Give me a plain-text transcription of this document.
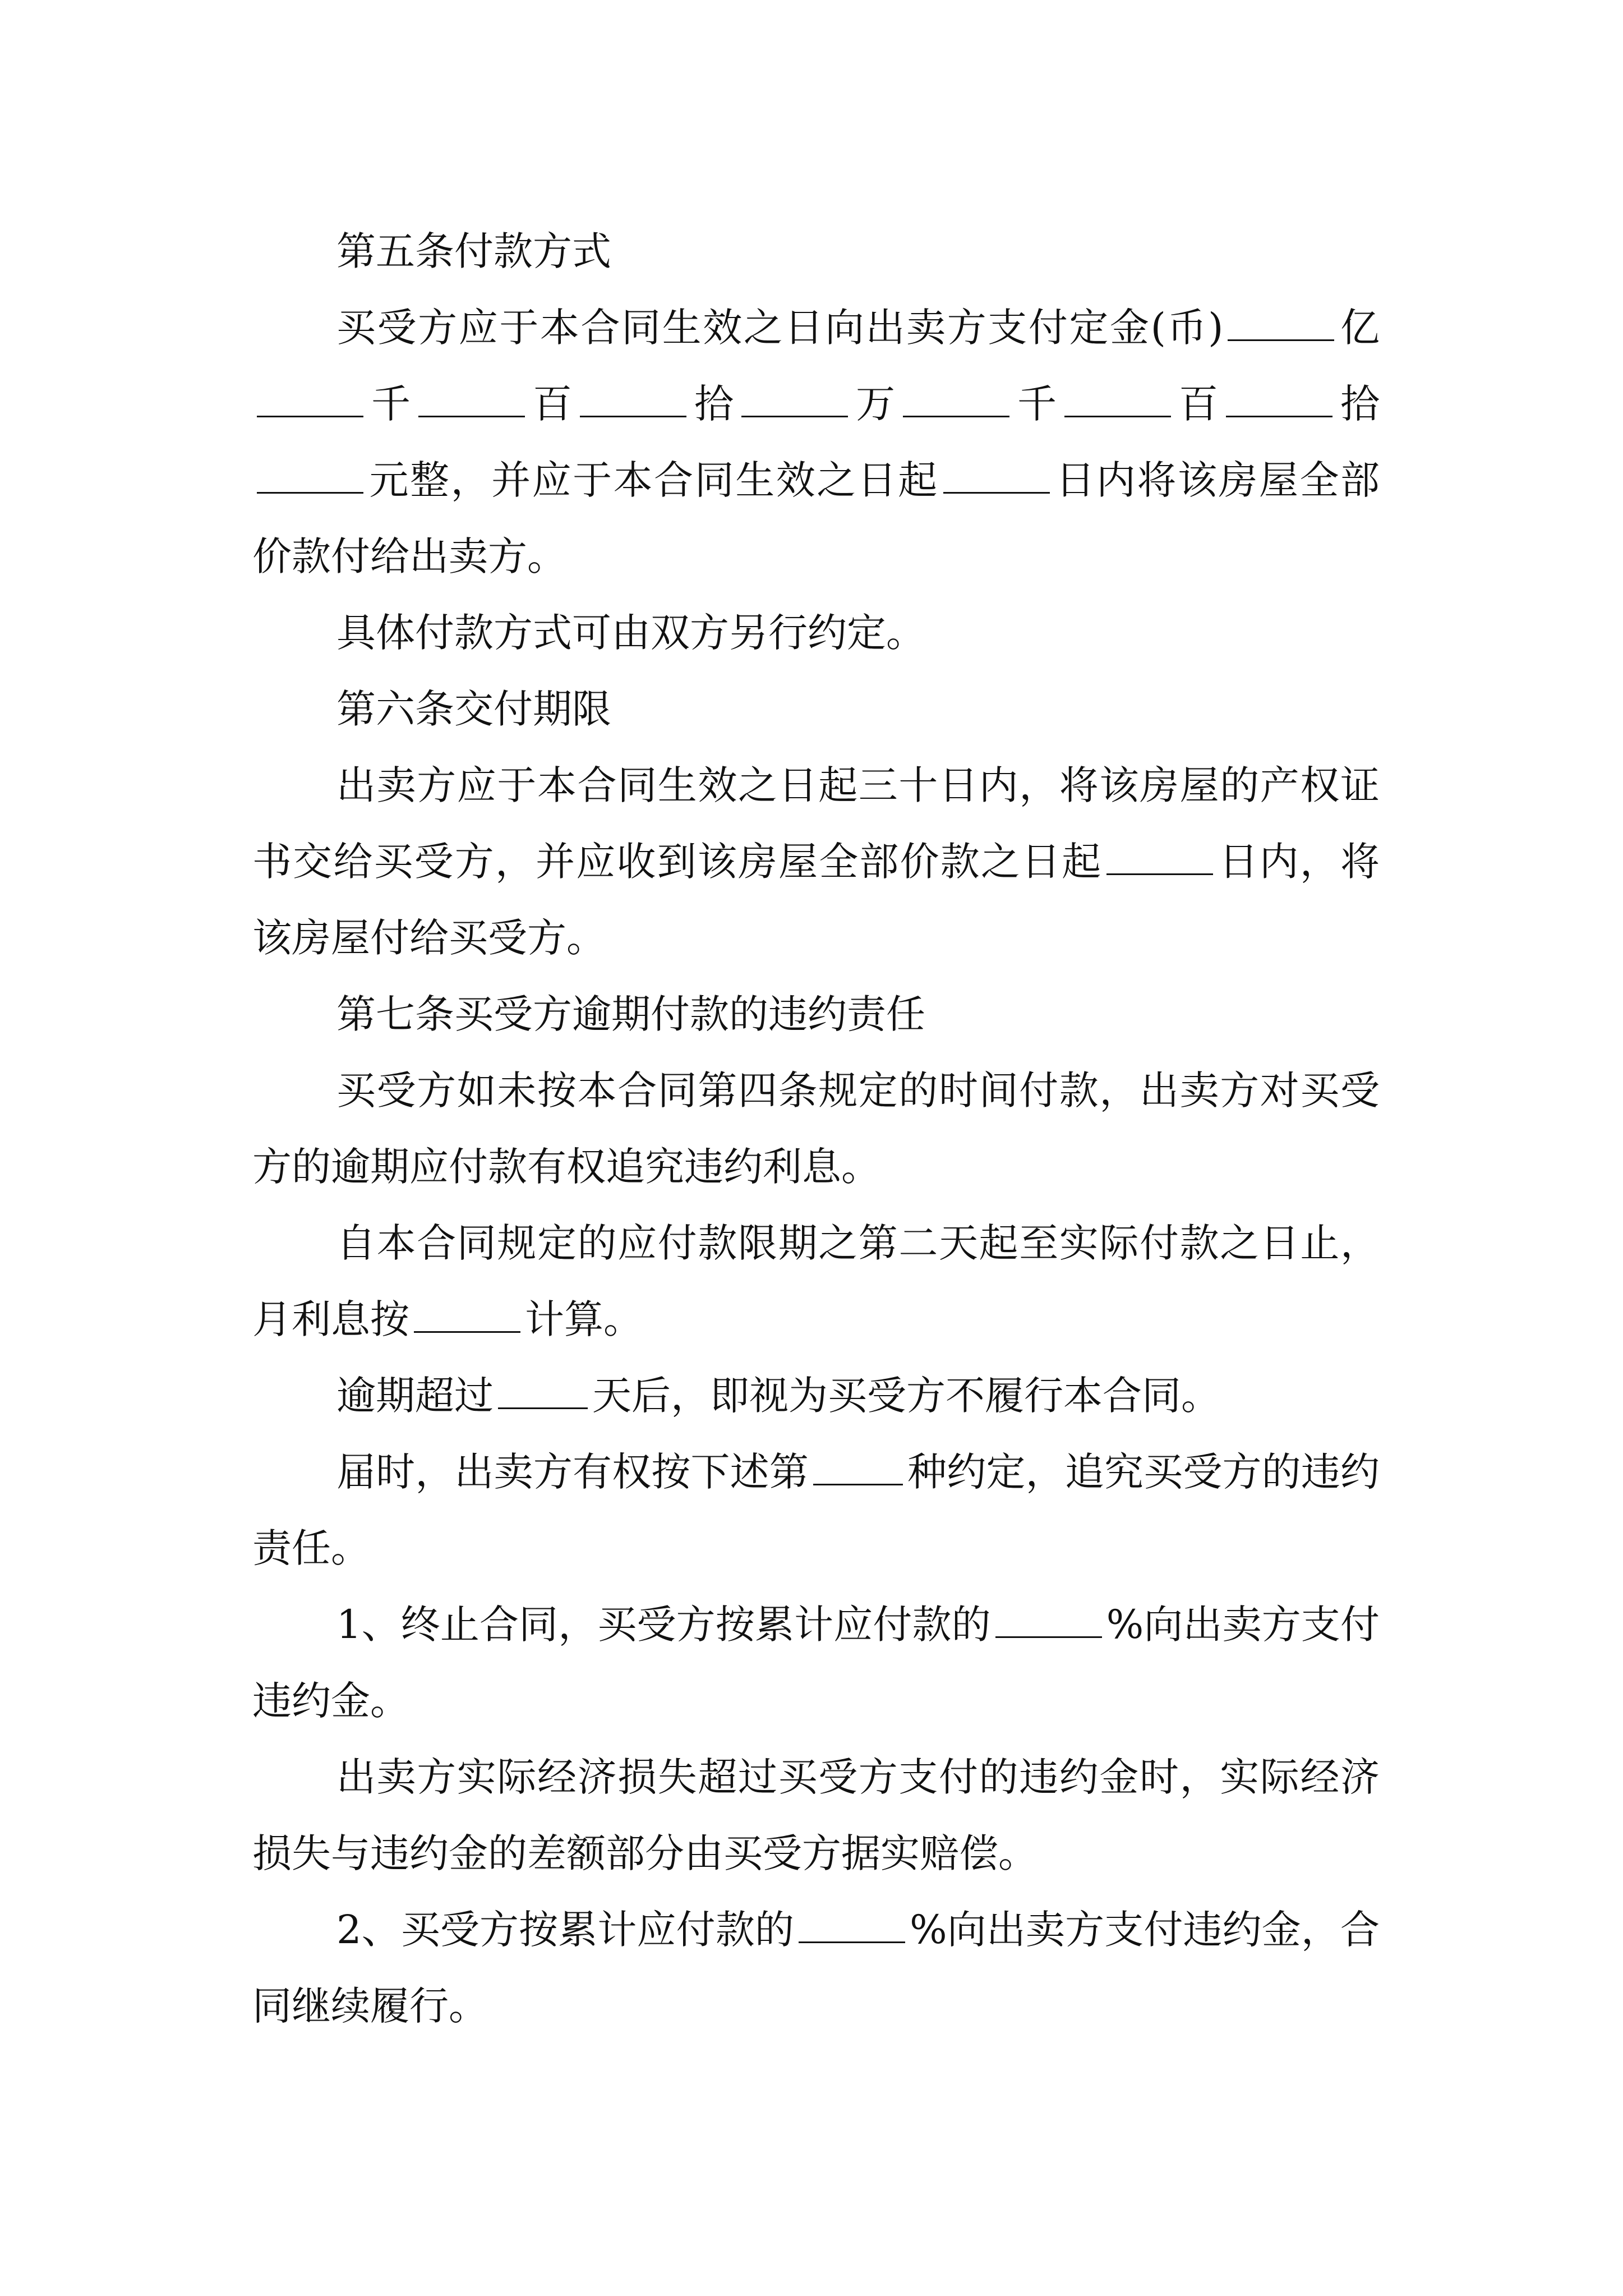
第五条付款方式

买受方应于本合同生效之日向出卖方支付定金(币)	亿千	百	拾	万	千	百	拾元整，并应于本合同生效之日起	日内将该房屋全部价款付给出卖方。

具体付款方式可由双方另行约定。

第六条交付期限

出卖方应于本合同生效之日起三十日内，将该房屋的产权证书交给买受方，并应收到该房屋全部价款之日起	日内，将该房屋付给买受方。

第七条买受方逾期付款的违约责任

买受方如未按本合同第四条规定的时间付款，出卖方对买受方的逾期应付款有权追究违约利息。

自本合同规定的应付款限期之第二天起至实际付款之日止，月利息按	计算。

逾期超过	天后，即视为买受方不履行本合同。

届时，出卖方有权按下述第	种约定，追究买受方的违约责任。

1、终止合同，买受方按累计应付款的	%向出卖方支付违约金。

出卖方实际经济损失超过买受方支付的违约金时，实际经济损失与违约金的差额部分由买受方据实赔偿。

2、买受方按累计应付款的	%向出卖方支付违约金，合同继续履行。
